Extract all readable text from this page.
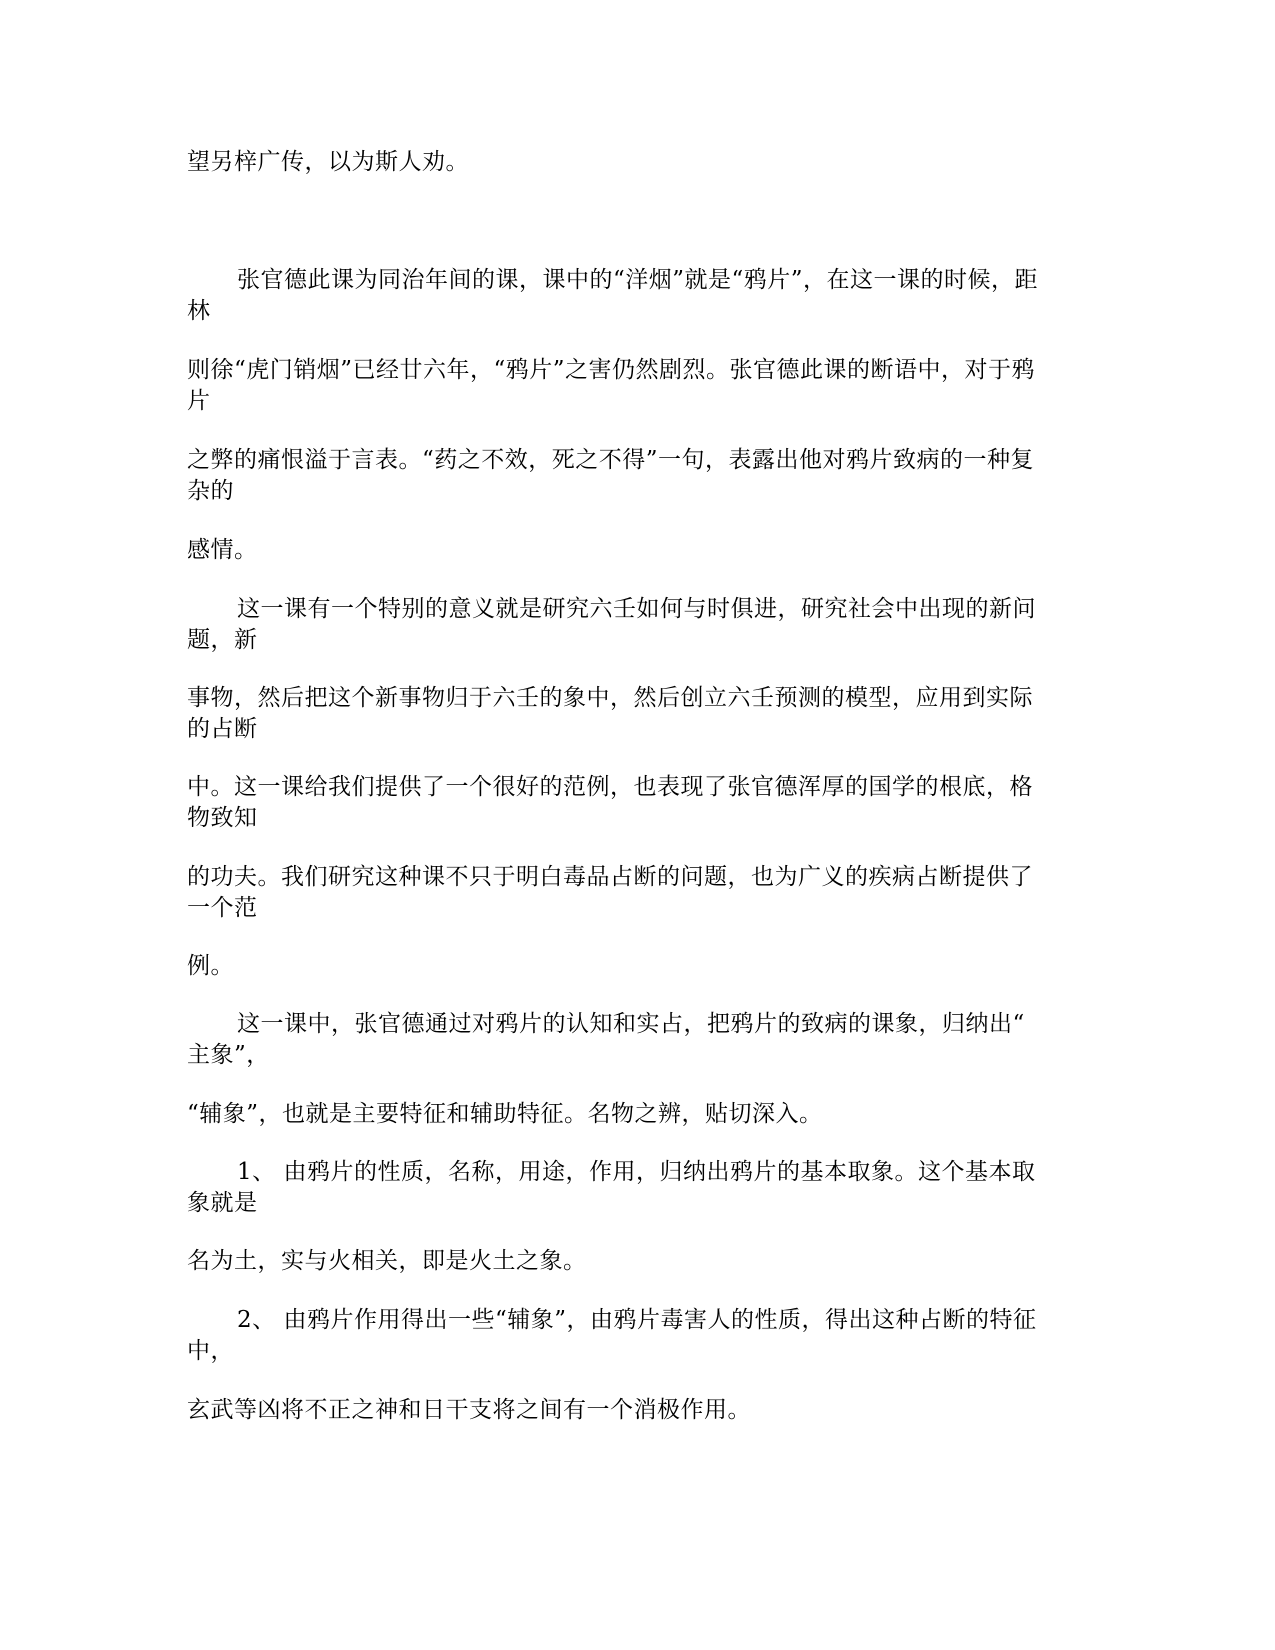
望另梓广传，以为斯人劝。
张官德此课为同治年间的课，课中的“洋烟”就是“鸦片”，在这一课的时候，距
林
则徐“虎门销烟”已经廿六年，“鸦片”之害仍然剧烈。张官德此课的断语中，对于鸦
片
之弊的痛恨溢于言表。“药之不效，死之不得”一句，表露出他对鸦片致病的一种复
杂的
感情。
这一课有一个特别的意义就是研究六壬如何与时俱进，研究社会中出现的新问
题，新
事物，然后把这个新事物归于六壬的象中，然后创立六壬预测的模型，应用到实际
的占断
中。这一课给我们提供了一个很好的范例，也表现了张官德浑厚的国学的根底，格
物致知
的功夫。我们研究这种课不只于明白毒品占断的问题，也为广义的疾病占断提供了
一个范
例。
这一课中，张官德通过对鸦片的认知和实占，把鸦片的致病的课象，归纳出“
主象”，
“辅象”，也就是主要特征和辅助特征。名物之辨，贴切深入。
1、 由鸦片的性质，名称，用途，作用，归纳出鸦片的基本取象。这个基本取
象就是
名为土，实与火相关，即是火土之象。
2、 由鸦片作用得出一些“辅象”，由鸦片毒害人的性质，得出这种占断的特征
中，
玄武等凶将不正之神和日干支将之间有一个消极作用。
